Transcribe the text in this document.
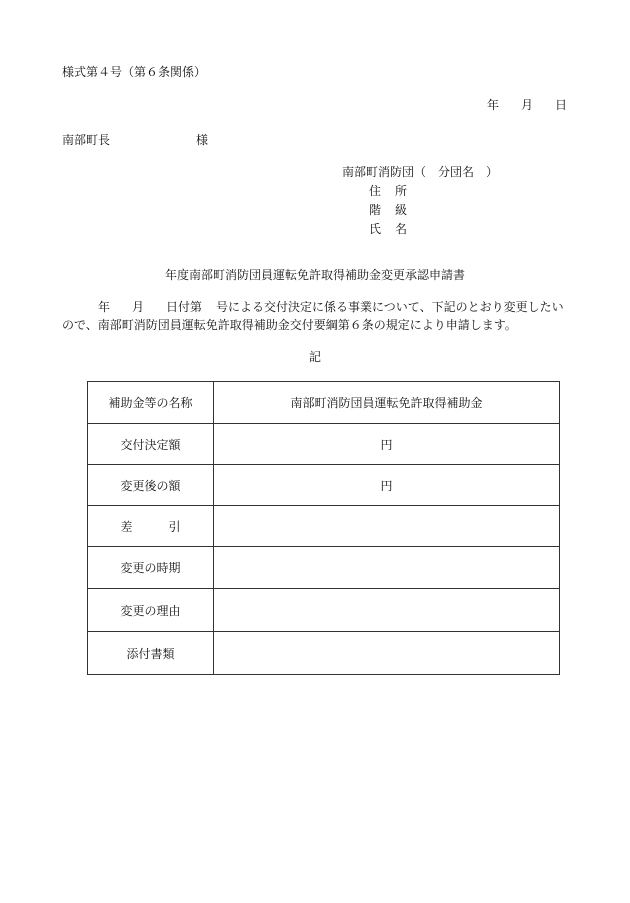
様式第４号（第６条関係）
年 月 日
南部町長	様
南部町消防団（　分団名　）
住 所
階 級
氏 名
年度南部町消防団員運転免許取得補助金変更承認申請書
年 月 日付第 号による交付決定に係る事業について、下記のとおり変更したいので、南部町消防団員運転免許取得補助金交付要綱第６条の規定により申請します。
記
補助金等の名称	南部町消防団員運転免許取得補助金
交付決定額	円
変更後の額	円
差 引	
変更の時期	
変更の理由	
添付書類	
